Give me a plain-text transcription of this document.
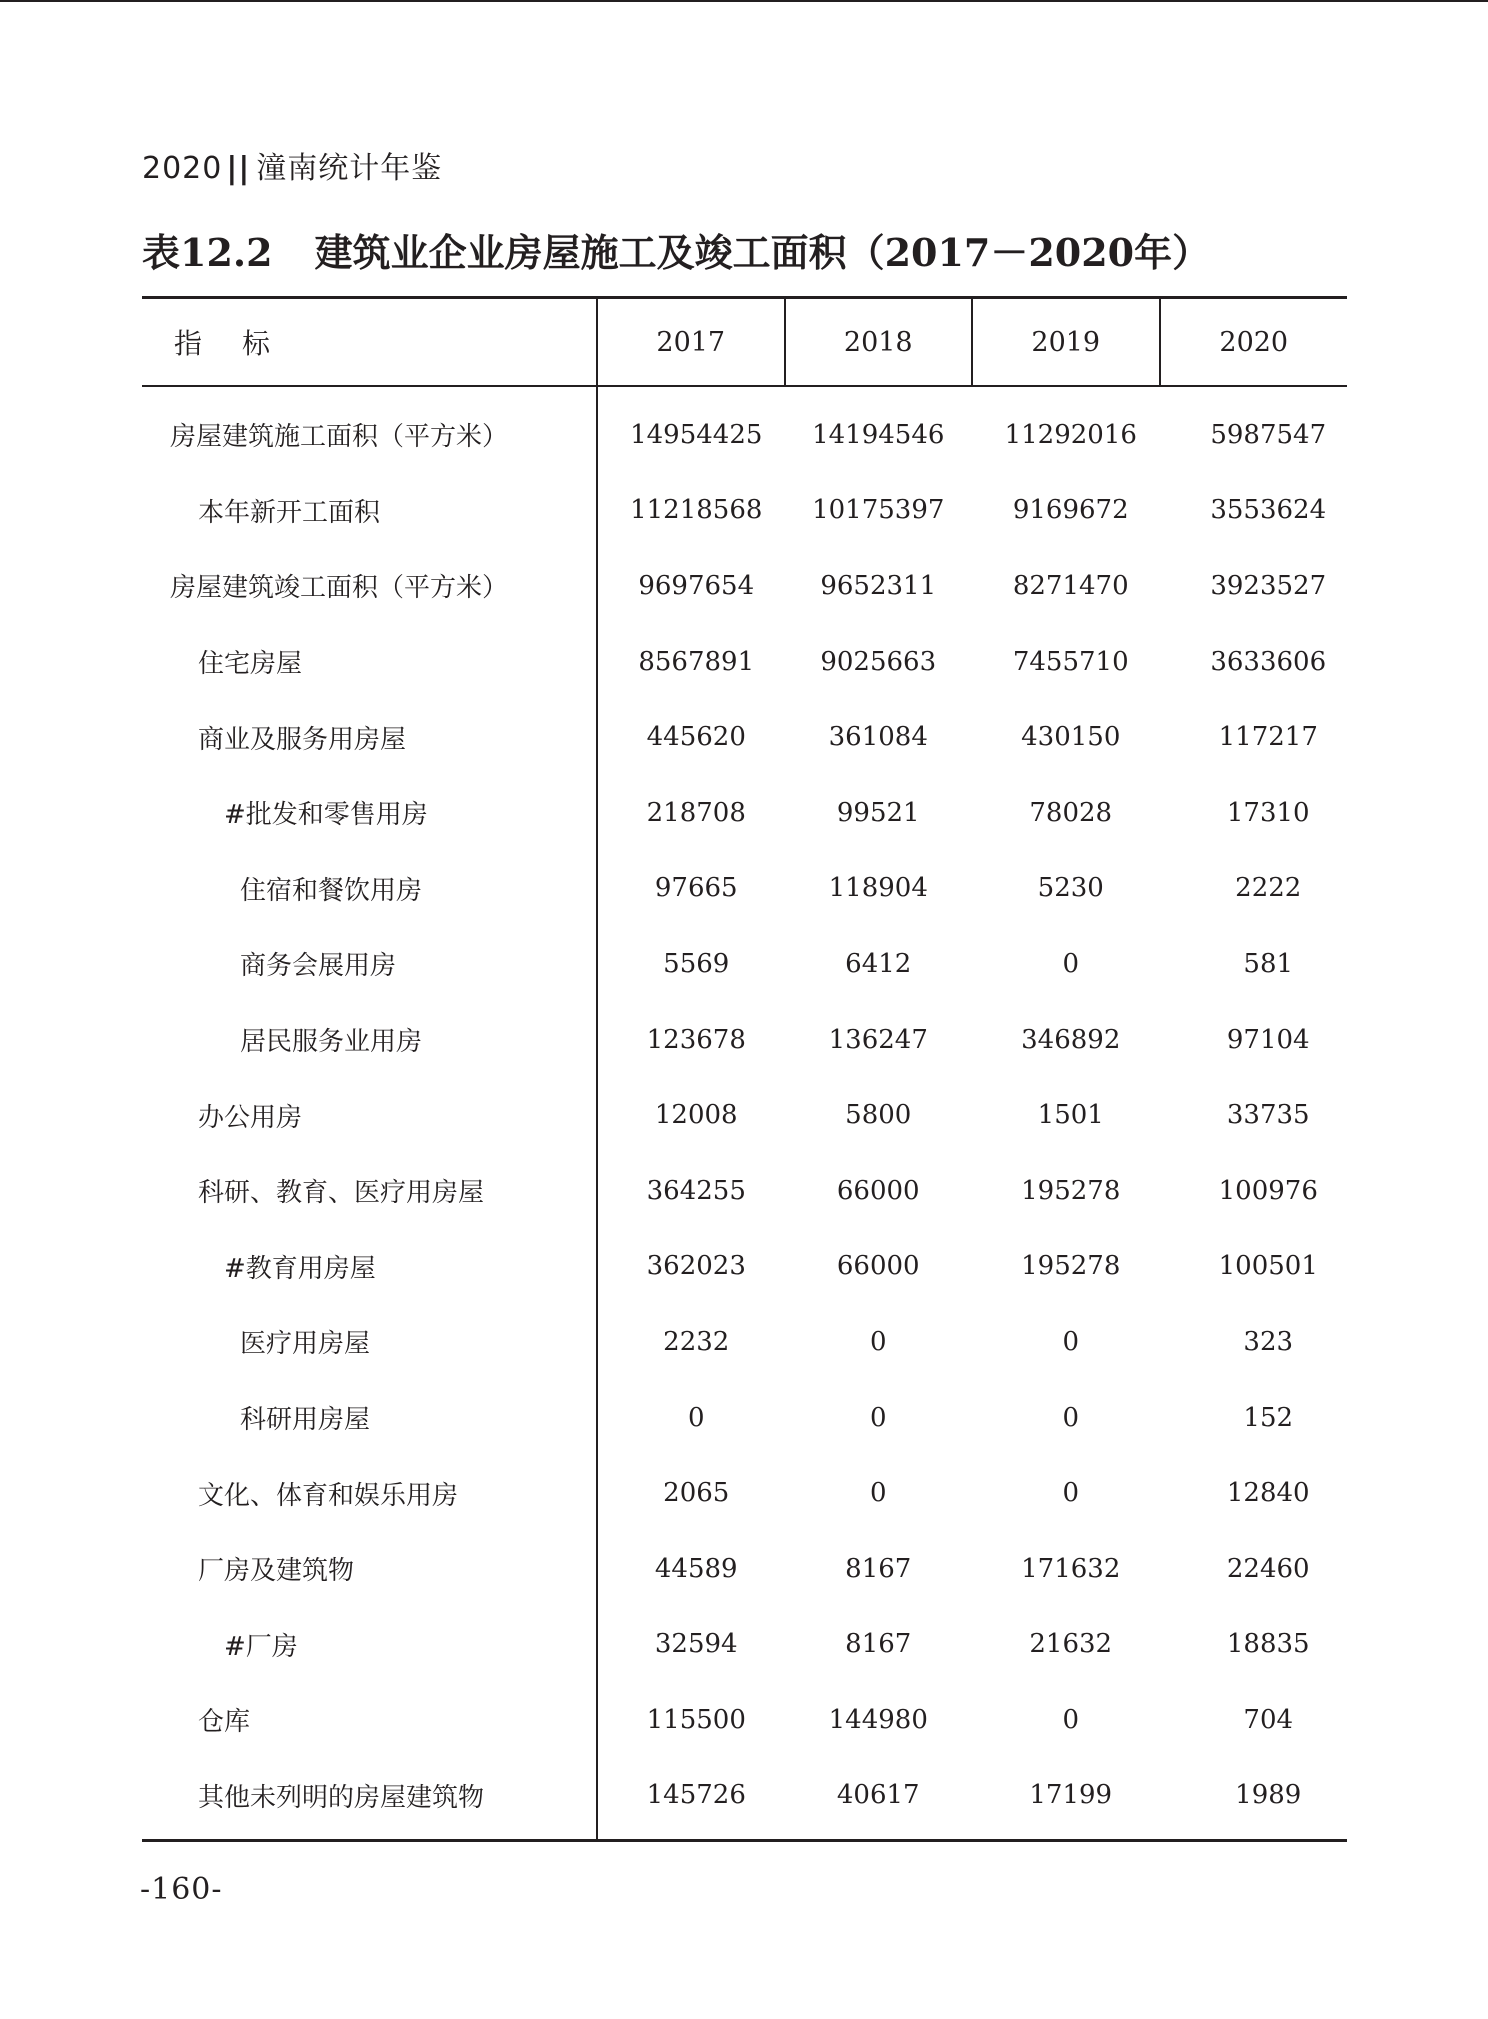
2020 || 潼南统计年鉴
表12.2 建筑业企业房屋施工及竣工面积（2017－2020年）
指 标	2017	2018	2019	2020
房屋建筑施工面积（平方米）	14954425	14194546	11292016	5987547
本年新开工面积	11218568	10175397	9169672	3553624
房屋建筑竣工面积（平方米）	9697654	9652311	8271470	3923527
住宅房屋	8567891	9025663	7455710	3633606
商业及服务用房屋	445620	361084	430150	117217
#批发和零售用房	218708	99521	78028	17310
住宿和餐饮用房	97665	118904	5230	2222
商务会展用房	5569	6412	0	581
居民服务业用房	123678	136247	346892	97104
办公用房	12008	5800	1501	33735
科研、教育、医疗用房屋	364255	66000	195278	100976
#教育用房屋	362023	66000	195278	100501
医疗用房屋	2232	0	0	323
科研用房屋	0	0	0	152
文化、体育和娱乐用房	2065	0	0	12840
厂房及建筑物	44589	8167	171632	22460
#厂房	32594	8167	21632	18835
仓库	115500	144980	0	704
其他未列明的房屋建筑物	145726	40617	17199	1989
-160-
